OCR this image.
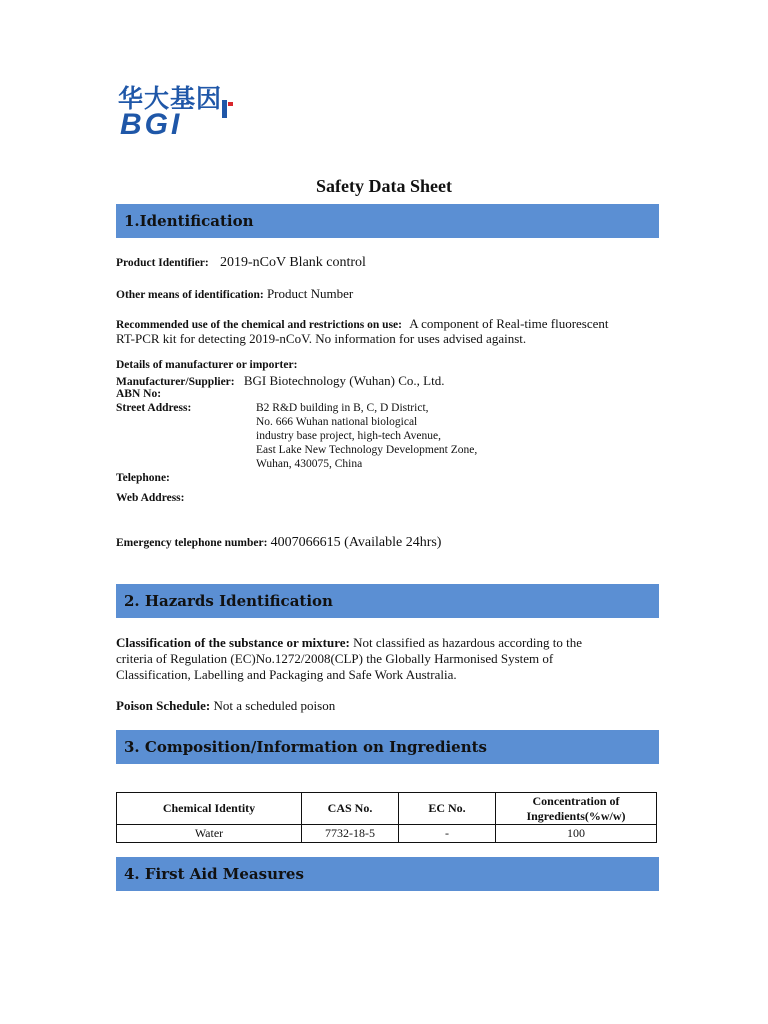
华大基因
BGI
Safety Data Sheet
1.Identification
Product Identifier: 2019-nCoV Blank control
Other means of identification: Product Number
Recommended use of the chemical and restrictions on use: A component of Real-time fluorescent
RT-PCR kit for detecting 2019-nCoV. No information for uses advised against.
Details of manufacturer or importer:
Manufacturer/Supplier: BGI Biotechnology (Wuhan) Co., Ltd.
ABN No:
Street Address:	B2 R&D building in B, C, D District,
No. 666 Wuhan national biological
industry base project, high-tech Avenue,
East Lake New Technology Development Zone,
Wuhan, 430075, China
Telephone:
Web Address:
Emergency telephone number: 4007066615 (Available 24hrs)
2. Hazards Identification
Classification of the substance or mixture: Not classified as hazardous according to the
criteria of Regulation (EC)No.1272/2008(CLP) the Globally Harmonised System of
Classification, Labelling and Packaging and Safe Work Australia.
Poison Schedule: Not a scheduled poison
3. Composition/Information on Ingredients
Chemical Identity	CAS No.	EC No.	Concentration of
Ingredients(%w/w)
Water	7732-18-5	-	100
4. First Aid Measures
